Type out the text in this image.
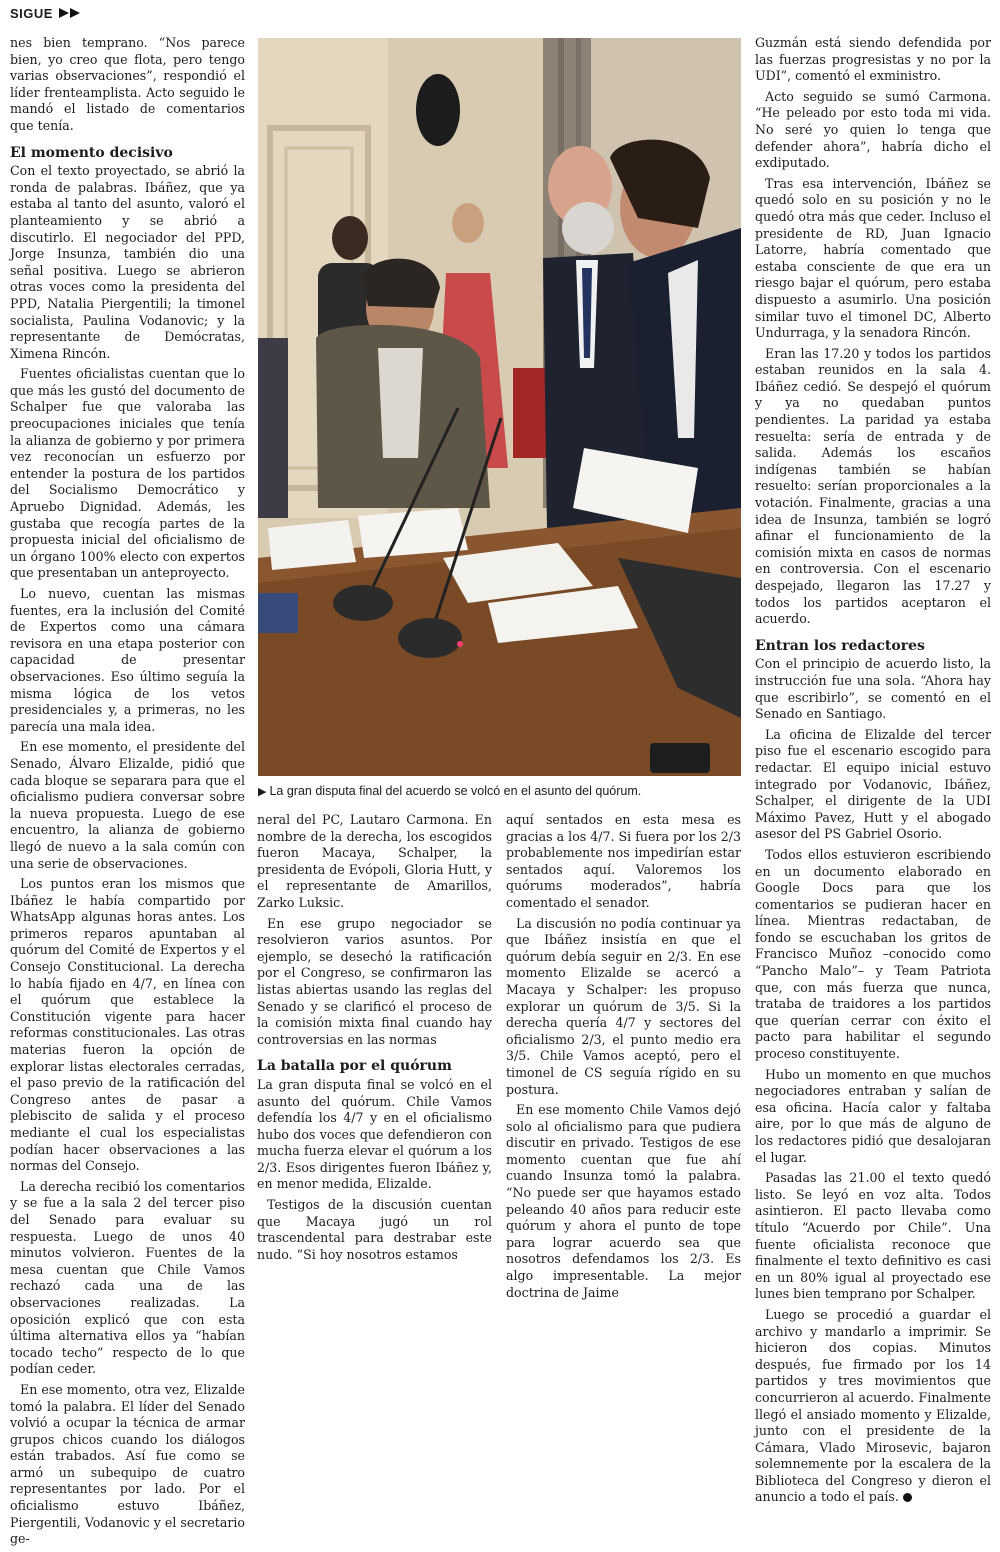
SIGUE

nes bien temprano. “Nos parece bien, yo creo que flota, pero tengo varias observaciones”, respondió el líder frenteamplista. Acto seguido le mandó el listado de comentarios que tenía.

El momento decisivo

Con el texto proyectado, se abrió la ronda de palabras. Ibáñez, que ya estaba al tanto del asunto, valoró el planteamiento y se abrió a discutirlo. El negociador del PPD, Jorge Insunza, también dio una señal positiva. Luego se abrieron otras voces como la presidenta del PPD, Natalia Piergentili; la timonel socialista, Paulina Vodanovic; y la representante de Demócratas, Ximena Rincón.

Fuentes oficialistas cuentan que lo que más les gustó del documento de Schalper fue que valoraba las preocupaciones iniciales que tenía la alianza de gobierno y por primera vez reconocían un esfuerzo por entender la postura de los partidos del Socialismo Democrático y Apruebo Dignidad. Además, les gustaba que recogía partes de la propuesta inicial del oficialismo de un órgano 100% electo con expertos que presentaban un anteproyecto.

Lo nuevo, cuentan las mismas fuentes, era la inclusión del Comité de Expertos como una cámara revisora en una etapa posterior con capacidad de presentar observaciones. Eso último seguía la misma lógica de los vetos presidenciales y, a primeras, no les parecía una mala idea.

En ese momento, el presidente del Senado, Álvaro Elizalde, pidió que cada bloque se separara para que el oficialismo pudiera conversar sobre la nueva propuesta. Luego de ese encuentro, la alianza de gobierno llegó de nuevo a la sala común con una serie de observaciones.

Los puntos eran los mismos que Ibáñez le había compartido por WhatsApp algunas horas antes. Los primeros reparos apuntaban al quórum del Comité de Expertos y el Consejo Constitucional. La derecha lo había fijado en 4/7, en línea con el quórum que establece la Constitución vigente para hacer reformas constitucionales. Las otras materias fueron la opción de explorar listas electorales cerradas, el paso previo de la ratificación del Congreso antes de pasar a plebiscito de salida y el proceso mediante el cual los especialistas podían hacer observaciones a las normas del Consejo.

La derecha recibió los comentarios y se fue a la sala 2 del tercer piso del Senado para evaluar su respuesta. Luego de unos 40 minutos volvieron. Fuentes de la mesa cuentan que Chile Vamos rechazó cada una de las observaciones realizadas. La oposición explicó que con esta última alternativa ellos ya “habían tocado techo” respecto de lo que podían ceder.

En ese momento, otra vez, Elizalde tomó la palabra. El líder del Senado volvió a ocupar la técnica de armar grupos chicos cuando los diálogos están trabados. Así fue como se armó un subequipo de cuatro representantes por lado. Por el oficialismo estuvo Ibáñez, Piergentili, Vodanovic y el secretario ge-

▶ La gran disputa final del acuerdo se volcó en el asunto del quórum.

neral del PC, Lautaro Carmona. En nombre de la derecha, los escogidos fueron Macaya, Schalper, la presidenta de Evópoli, Gloria Hutt, y el representante de Amarillos, Zarko Luksic.

En ese grupo negociador se resolvieron varios asuntos. Por ejemplo, se desechó la ratificación por el Congreso, se confirmaron las listas abiertas usando las reglas del Senado y se clarificó el proceso de la comisión mixta final cuando hay controversias en las normas

La batalla por el quórum

La gran disputa final se volcó en el asunto del quórum. Chile Vamos defendía los 4/7 y en el oficialismo hubo dos voces que defendieron con mucha fuerza elevar el quórum a los 2/3. Esos dirigentes fueron Ibáñez y, en menor medida, Elizalde.

Testigos de la discusión cuentan que Macaya jugó un rol trascendental para destrabar este nudo. “Si hoy nosotros estamos

aquí sentados en esta mesa es gracias a los 4/7. Si fuera por los 2/3 probablemente nos impedirían estar sentados aquí. Valoremos los quórums moderados”, habría comentado el senador.

La discusión no podía continuar ya que Ibáñez insistía en que el quórum debía seguir en 2/3. En ese momento Elizalde se acercó a Macaya y Schalper: les propuso explorar un quórum de 3/5. Si la derecha quería 4/7 y sectores del oficialismo 2/3, el punto medio era 3/5. Chile Vamos aceptó, pero el timonel de CS seguía rígido en su postura.

En ese momento Chile Vamos dejó solo al oficialismo para que pudiera discutir en privado. Testigos de ese momento cuentan que fue ahí cuando Insunza tomó la palabra. “No puede ser que hayamos estado peleando 40 años para reducir este quórum y ahora el punto de tope para lograr acuerdo sea que nosotros defendamos los 2/3. Es algo impresentable. La mejor doctrina de Jaime

Guzmán está siendo defendida por las fuerzas progresistas y no por la UDI”, comentó el exministro.

Acto seguido se sumó Carmona. “He peleado por esto toda mi vida. No seré yo quien lo tenga que defender ahora”, habría dicho el exdiputado.

Tras esa intervención, Ibáñez se quedó solo en su posición y no le quedó otra más que ceder. Incluso el presidente de RD, Juan Ignacio Latorre, habría comentado que estaba consciente de que era un riesgo bajar el quórum, pero estaba dispuesto a asumirlo. Una posición similar tuvo el timonel DC, Alberto Undurraga, y la senadora Rincón.

Eran las 17.20 y todos los partidos estaban reunidos en la sala 4. Ibáñez cedió. Se despejó el quórum y ya no quedaban puntos pendientes. La paridad ya estaba resuelta: sería de entrada y de salida. Además los escaños indígenas también se habían resuelto: serían proporcionales a la votación. Finalmente, gracias a una idea de Insunza, también se logró afinar el funcionamiento de la comisión mixta en casos de normas en controversia. Con el escenario despejado, llegaron las 17.27 y todos los partidos aceptaron el acuerdo.

Entran los redactores

Con el principio de acuerdo listo, la instrucción fue una sola. “Ahora hay que escribirlo”, se comentó en el Senado en Santiago.

La oficina de Elizalde del tercer piso fue el escenario escogido para redactar. El equipo inicial estuvo integrado por Vodanovic, Ibáñez, Schalper, el dirigente de la UDI Máximo Pavez, Hutt y el abogado asesor del PS Gabriel Osorio.

Todos ellos estuvieron escribiendo en un documento elaborado en Google Docs para que los comentarios se pudieran hacer en línea. Mientras redactaban, de fondo se escuchaban los gritos de Francisco Muñoz –conocido como “Pancho Malo”– y Team Patriota que, con más fuerza que nunca, trataba de traidores a los partidos que querían cerrar con éxito el pacto para habilitar el segundo proceso constituyente.

Hubo un momento en que muchos negociadores entraban y salían de esa oficina. Hacía calor y faltaba aire, por lo que más de alguno de los redactores pidió que desalojaran el lugar.

Pasadas las 21.00 el texto quedó listo. Se leyó en voz alta. Todos asintieron. El pacto llevaba como título “Acuerdo por Chile”. Una fuente oficialista reconoce que finalmente el texto definitivo es casi en un 80% igual al proyectado ese lunes bien temprano por Schalper.

Luego se procedió a guardar el archivo y mandarlo a imprimir. Se hicieron dos copias. Minutos después, fue firmado por los 14 partidos y tres movimientos que concurrieron al acuerdo. Finalmente llegó el ansiado momento y Elizalde, junto con el presidente de la Cámara, Vlado Mirosevic, bajaron solemnemente por la escalera de la Biblioteca del Congreso y dieron el anuncio a todo el país.
